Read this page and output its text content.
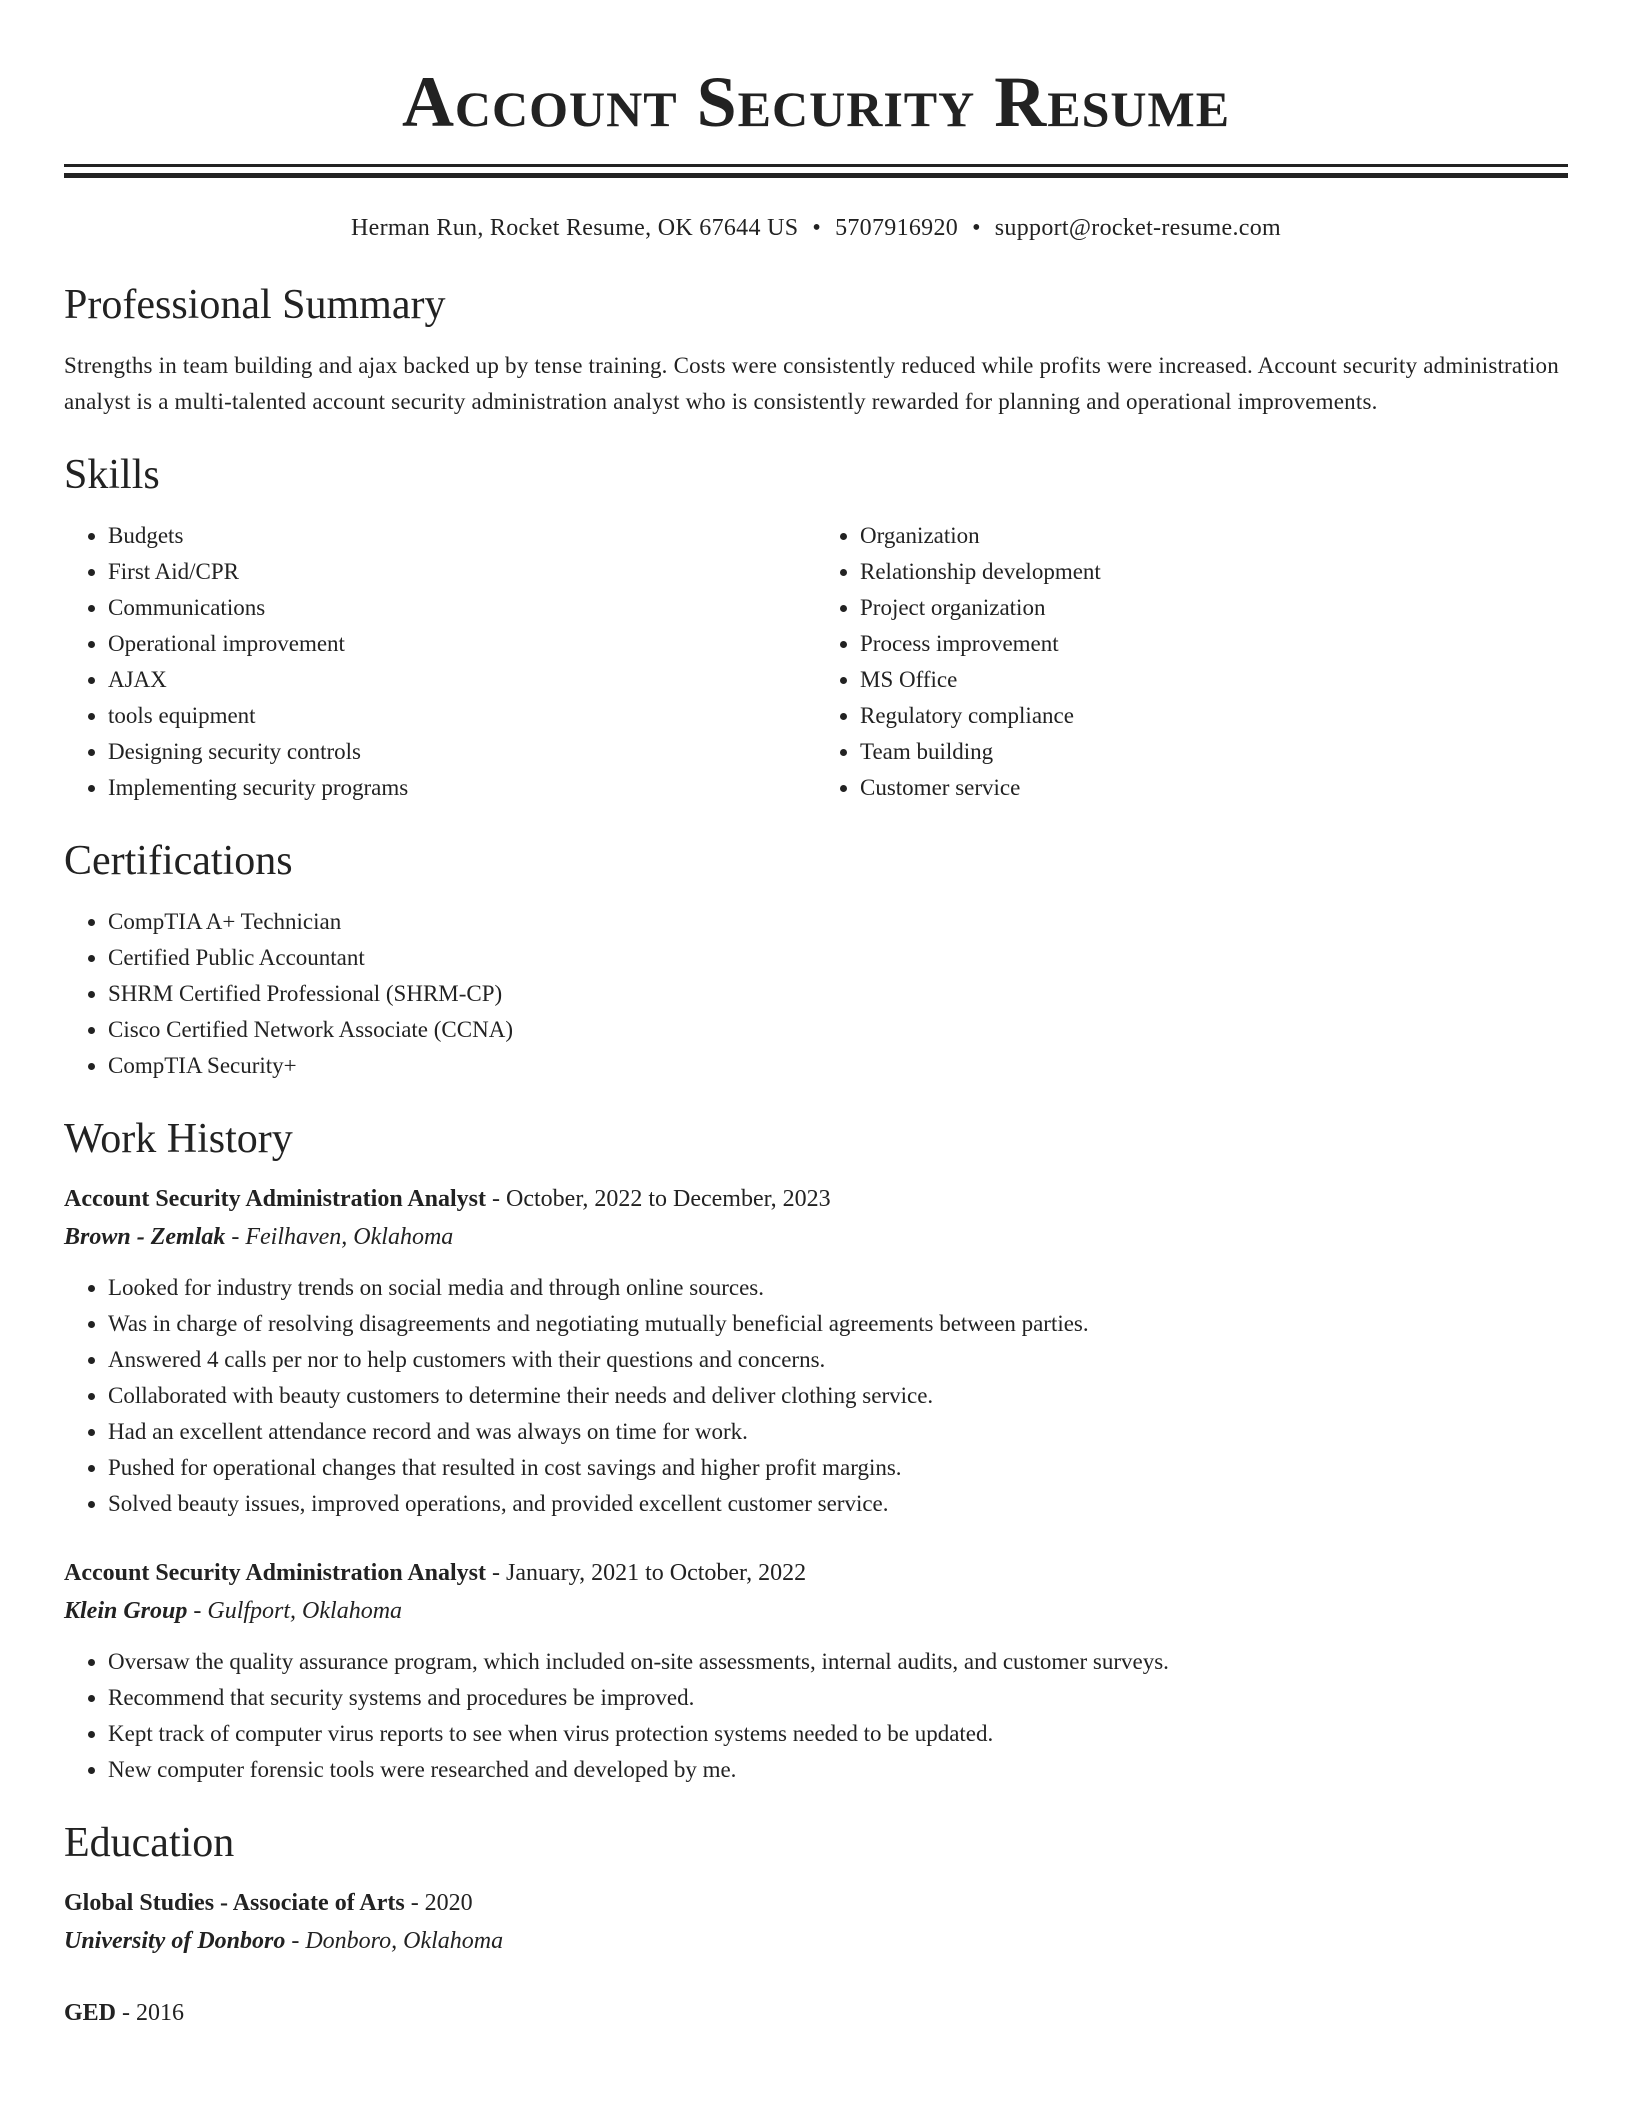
Account Security Resume
Herman Run, Rocket Resume, OK 67644 US • 5707916920 • support@rocket-resume.com
Professional Summary

Strengths in team building and ajax backed up by tense training. Costs were consistently reduced while profits were increased. Account security administration analyst is a multi-talented account security administration analyst who is consistently rewarded for planning and operational improvements.

Skills
• Budgets
• First Aid/CPR
• Communications
• Operational improvement
• AJAX
• tools equipment
• Designing security controls
• Implementing security programs
• Organization
• Relationship development
• Project organization
• Process improvement
• MS Office
• Regulatory compliance
• Team building
• Customer service
Certifications
• CompTIA A+ Technician
• Certified Public Accountant
• SHRM Certified Professional (SHRM-CP)
• Cisco Certified Network Associate (CCNA)
• CompTIA Security+
Work History
Account Security Administration Analyst - October, 2022 to December, 2023
Brown - Zemlak - Feilhaven, Oklahoma
• Looked for industry trends on social media and through online sources.
• Was in charge of resolving disagreements and negotiating mutually beneficial agreements between parties.
• Answered 4 calls per nor to help customers with their questions and concerns.
• Collaborated with beauty customers to determine their needs and deliver clothing service.
• Had an excellent attendance record and was always on time for work.
• Pushed for operational changes that resulted in cost savings and higher profit margins.
• Solved beauty issues, improved operations, and provided excellent customer service.
Account Security Administration Analyst - January, 2021 to October, 2022
Klein Group - Gulfport, Oklahoma
• Oversaw the quality assurance program, which included on-site assessments, internal audits, and customer surveys.
• Recommend that security systems and procedures be improved.
• Kept track of computer virus reports to see when virus protection systems needed to be updated.
• New computer forensic tools were researched and developed by me.
Education
Global Studies - Associate of Arts - 2020
University of Donboro - Donboro, Oklahoma
GED - 2016
